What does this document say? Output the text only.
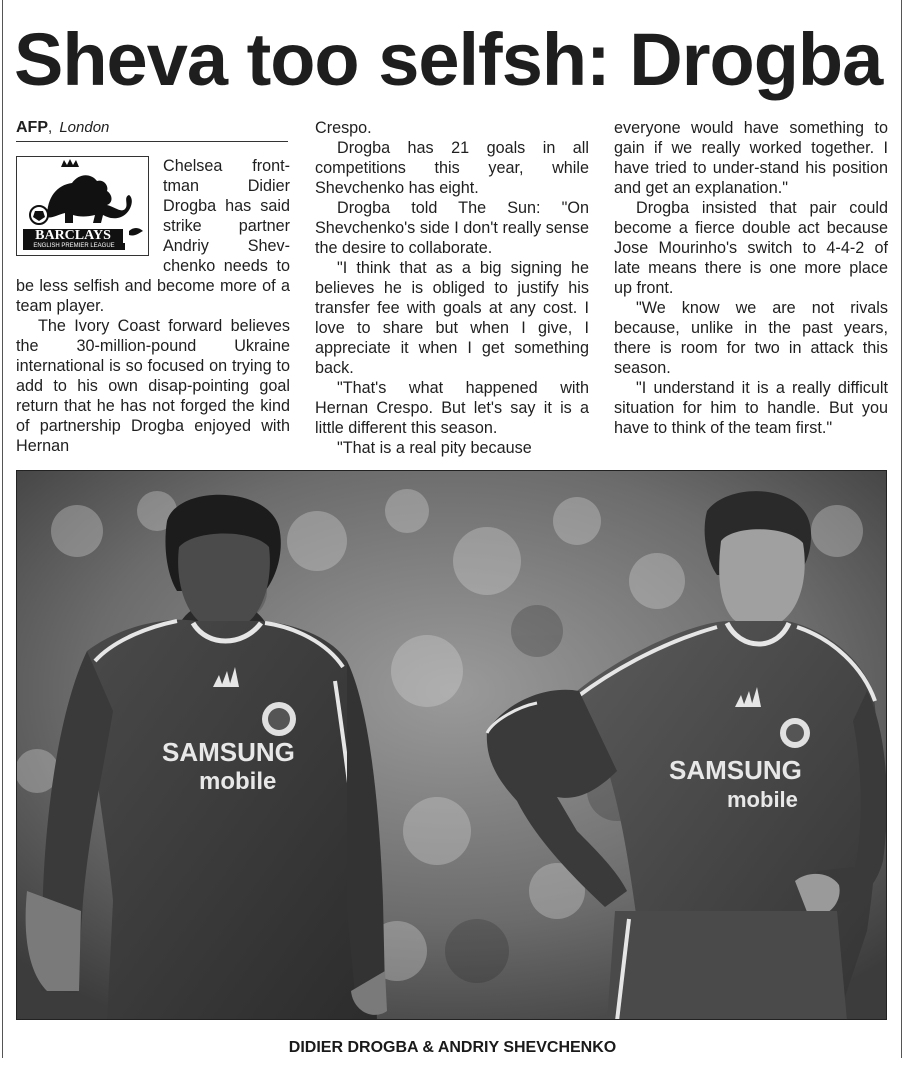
Sheva too selfsh: Drogba
AFP, London
BARCLAYS
ENGLISH PREMIER LEAGUE

Chelsea front-tman Didier Drogba has said strike partner Andriy Shev-chenko needs to be less selfish and become more of a team player.

The Ivory Coast forward believes the 30-million-pound Ukraine international is so focused on trying to add to his own disap-pointing goal return that he has not forged the kind of partnership Drogba enjoyed with Hernan

Crespo.

Drogba has 21 goals in all competitions this year, while Shevchenko has eight.

Drogba told The Sun: "On Shevchenko's side I don't really sense the desire to collaborate.

"I think that as a big signing he believes he is obliged to justify his transfer fee with goals at any cost. I love to share but when I give, I appreciate it when I get something back.

"That's what happened with Hernan Crespo. But let's say it is a little different this season.

"That is a real pity because

everyone would have something to gain if we really worked together. I have tried to under-stand his position and get an explanation."

Drogba insisted that pair could become a fierce double act because Jose Mourinho's switch to 4-4-2 of late means there is one more place up front.

"We know we are not rivals because, unlike in the past years, there is room for two in attack this season.

"I understand it is a really difficult situation for him to handle. But you have to think of the team first."

SAMSUNG
mobile	SAMSUNG
mobile
DIDIER DROGBA & ANDRIY SHEVCHENKO
